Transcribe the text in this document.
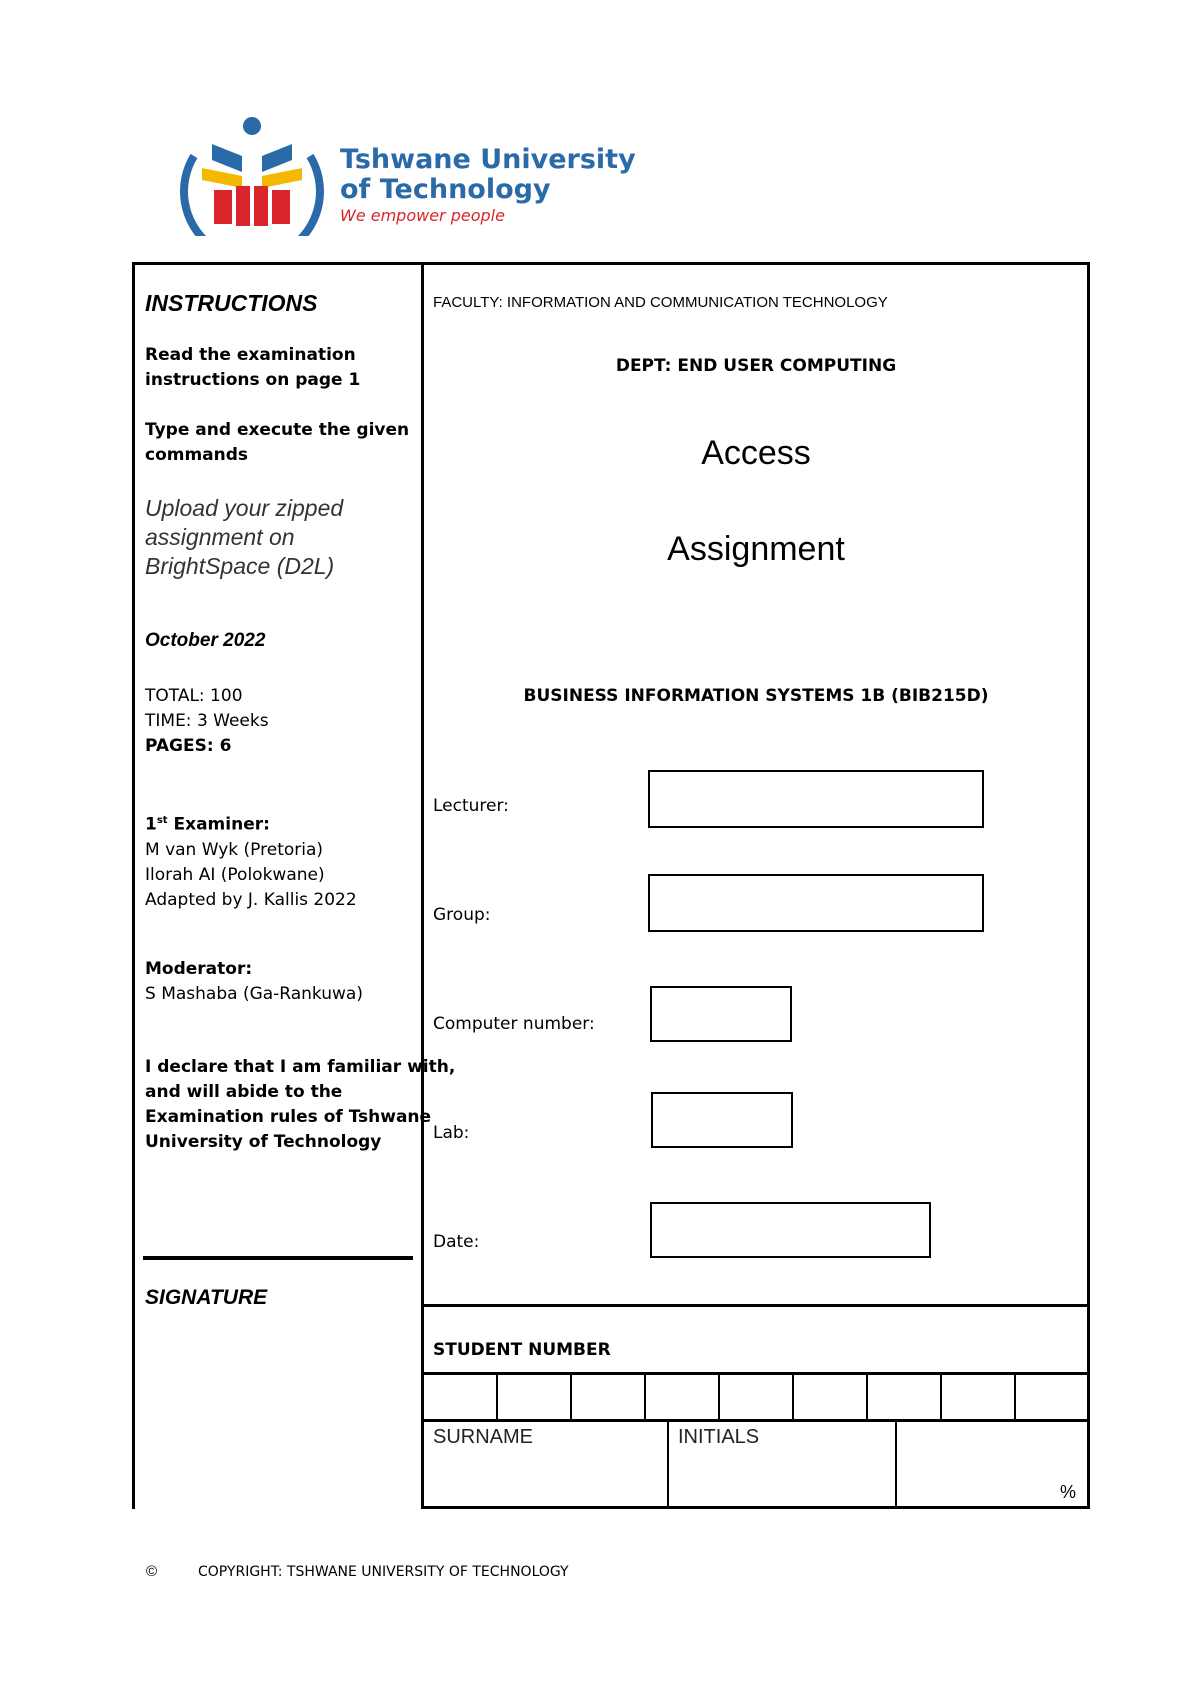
Tshwane University
of Technology
We empower people
INSTRUCTIONS
Read the examination
instructions on page 1
Type and execute the given
commands
Upload your zipped
assignment on
BrightSpace (D2L)
October 2022
TOTAL: 100
TIME: 3 Weeks
PAGES: 6
1st Examiner:
M van Wyk (Pretoria)
Ilorah AI (Polokwane)
Adapted by J. Kallis 2022
Moderator:
S Mashaba (Ga-Rankuwa)
I declare that I am familiar with,
and will abide to the
Examination rules of Tshwane
University of Technology
SIGNATURE
FACULTY: INFORMATION AND COMMUNICATION TECHNOLOGY
DEPT: END USER COMPUTING
Access
Assignment
BUSINESS INFORMATION SYSTEMS 1B (BIB215D)
Lecturer:
Group:
Computer number:
Lab:
Date:
STUDENT NUMBER
SURNAME	INITIALS
%
©	COPYRIGHT: TSHWANE UNIVERSITY OF TECHNOLOGY
